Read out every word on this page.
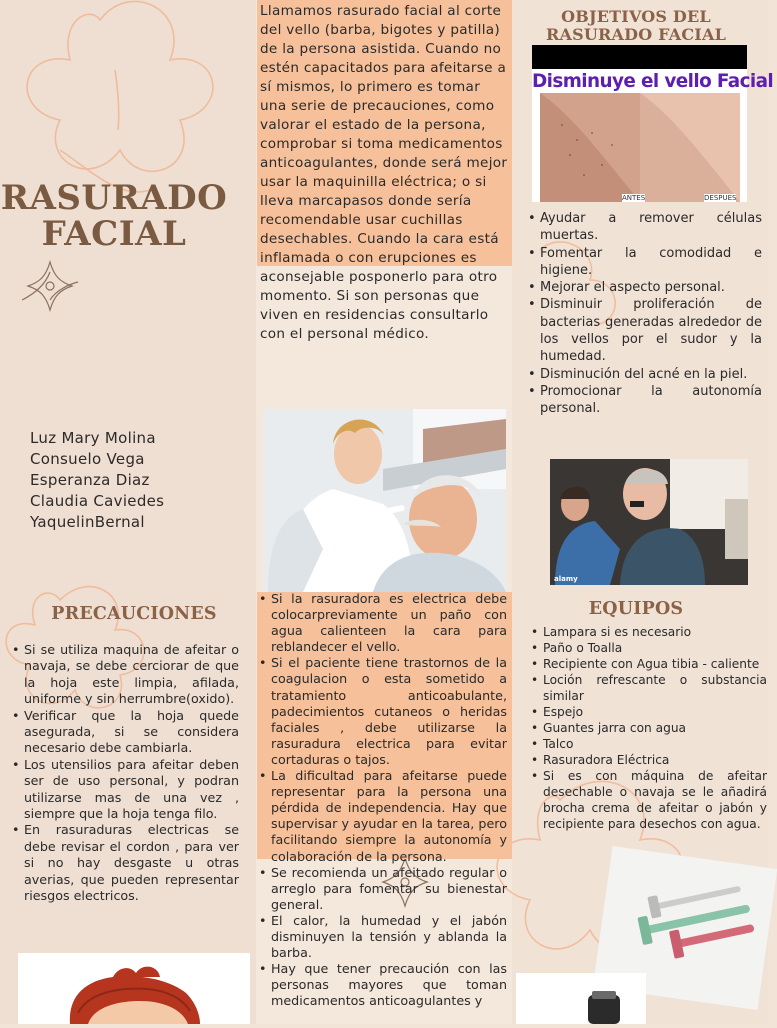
RASURADO
FACIAL
Luz Mary Molina
Consuelo Vega
Esperanza Diaz
Claudia Caviedes
YaquelinBernal
PRECAUCIONES
• Si se utiliza maquina de afeitar o navaja, se debe cerciorar de que la hoja este limpia, afilada, uniforme y sin herrumbre(oxido).
• Verificar que la hoja quede asegurada, si se considera necesario debe cambiarla.
• Los utensilios para afeitar deben ser de uso personal, y podran utilizarse mas de una vez , siempre que la hoja tenga filo.
• En rasuraduras electricas se debe revisar el cordon , para ver si no hay desgaste u otras averias, que pueden representar riesgos electricos.
Llamamos rasurado facial al corte del vello (barba, bigotes y patilla) de la persona asistida. Cuando no estén capacitados para afeitarse a sí mismos, lo primero es tomar una serie de precauciones, como valorar el estado de la persona, comprobar si toma medicamentos anticoagulantes, donde será mejor usar la maquinilla eléctrica; o si lleva marcapasos donde sería recomendable usar cuchillas desechables. Cuando la cara está inflamada o con erupciones es aconsejable posponerlo para otro momento. Si son personas que viven en residencias consultarlo con el personal médico.
• Si la rasuradora es electrica debe colocarpreviamente un paño con agua calienteen la cara para reblandecer el vello.
• Si el paciente tiene trastornos de la coagulacion o esta sometido a tratamiento anticoabulante, padecimientos cutaneos o heridas faciales , debe utilizarse la rasuradura electrica para evitar cortaduras o tajos.
• La dificultad para afeitarse puede representar para la persona una pérdida de independencia. Hay que supervisar y ayudar en la tarea, pero facilitando siempre la autonomía y colaboración de la persona.
• Se recomienda un afeitado regular o arreglo para fomentar su bienestar general.
• El calor, la humedad y el jabón disminuyen la tensión y ablanda la barba.
• Hay que tener precaución con las personas mayores que toman medicamentos anticoagulantes y
OBJETIVOS DEL
RASURADO FACIAL
Disminuye el vello Facial
ANTES	DESPUES
• Ayudar a remover células muertas.
• Fomentar la comodidad e higiene.
• Mejorar el aspecto personal.
• Disminuir proliferación de bacterias generadas alrededor de los vellos por el sudor y la humedad.
• Disminución del acné en la piel.
• Promocionar la autonomía personal.
alamy
EQUIPOS
• Lampara si es necesario
• Paño o Toalla
• Recipiente con Agua tibia - caliente
• Loción refrescante o substancia similar
• Espejo
• Guantes jarra con agua
• Talco
• Rasuradora Eléctrica
• Si es con máquina de afeitar desechable o navaja se le añadirá brocha crema de afeitar o jabón y recipiente para desechos con agua.
